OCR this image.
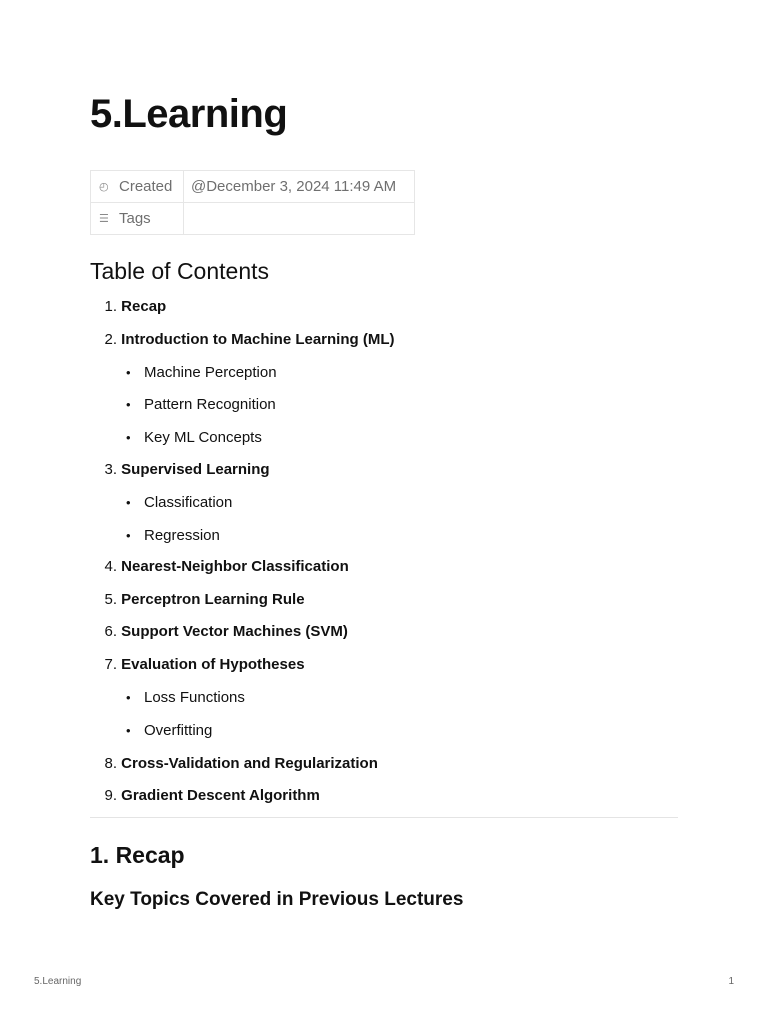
5.Learning
◴ Created	@December 3, 2024 11:49 AM
☰ Tags	
Table of Contents
1. Recap
2. Introduction to Machine Learning (ML)
• Machine Perception
• Pattern Recognition
• Key ML Concepts
3. Supervised Learning
• Classification
• Regression
4. Nearest-Neighbor Classification
5. Perceptron Learning Rule
6. Support Vector Machines (SVM)
7. Evaluation of Hypotheses
• Loss Functions
• Overfitting
8. Cross-Validation and Regularization
9. Gradient Descent Algorithm
1. Recap
Key Topics Covered in Previous Lectures
5.Learning	1
